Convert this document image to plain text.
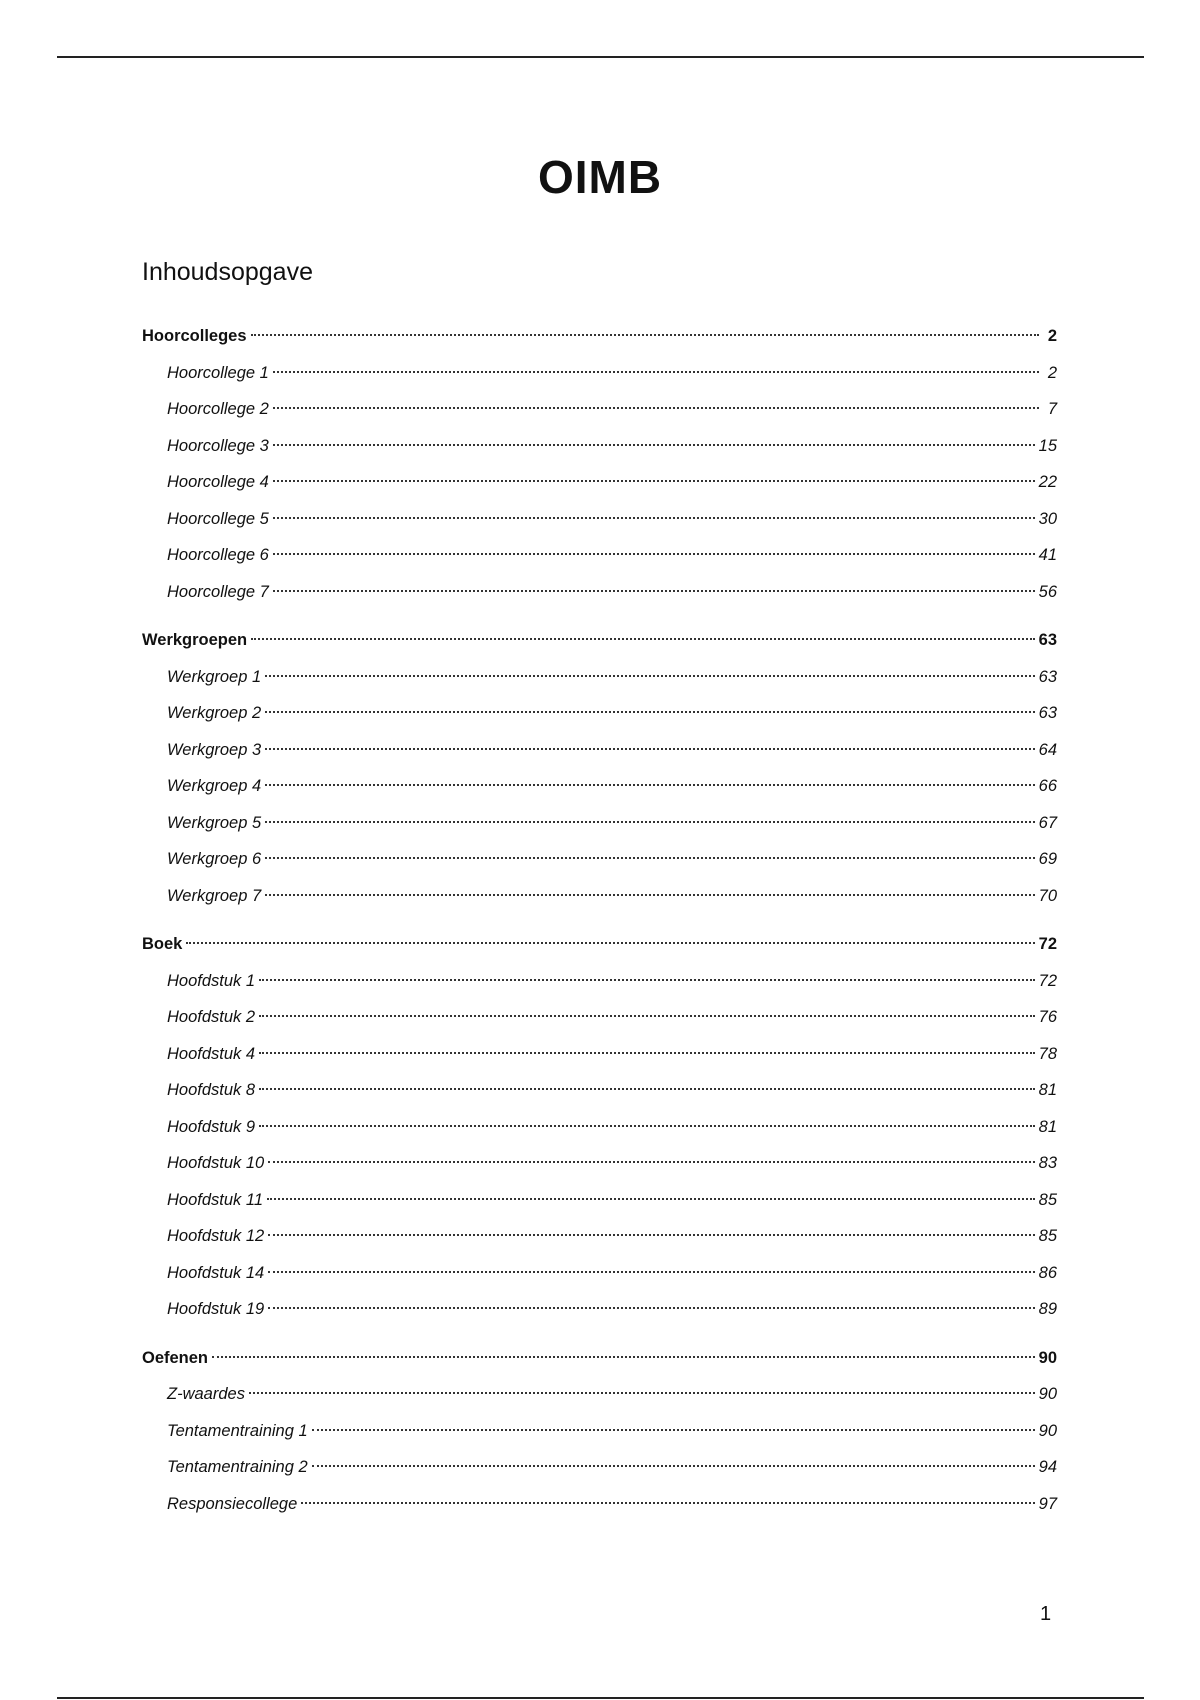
OIMB
Inhoudsopgave
Hoorcolleges	2
Hoorcollege 1	2
Hoorcollege 2	7
Hoorcollege 3	15
Hoorcollege 4	22
Hoorcollege 5	30
Hoorcollege 6	41
Hoorcollege 7	56
Werkgroepen	63
Werkgroep 1	63
Werkgroep 2	63
Werkgroep 3	64
Werkgroep 4	66
Werkgroep 5	67
Werkgroep 6	69
Werkgroep 7	70
Boek	72
Hoofdstuk 1	72
Hoofdstuk 2	76
Hoofdstuk 4	78
Hoofdstuk 8	81
Hoofdstuk 9	81
Hoofdstuk 10	83
Hoofdstuk 11	85
Hoofdstuk 12	85
Hoofdstuk 14	86
Hoofdstuk 19	89
Oefenen	90
Z-waardes	90
Tentamentraining 1	90
Tentamentraining 2	94
Responsiecollege	97
1
